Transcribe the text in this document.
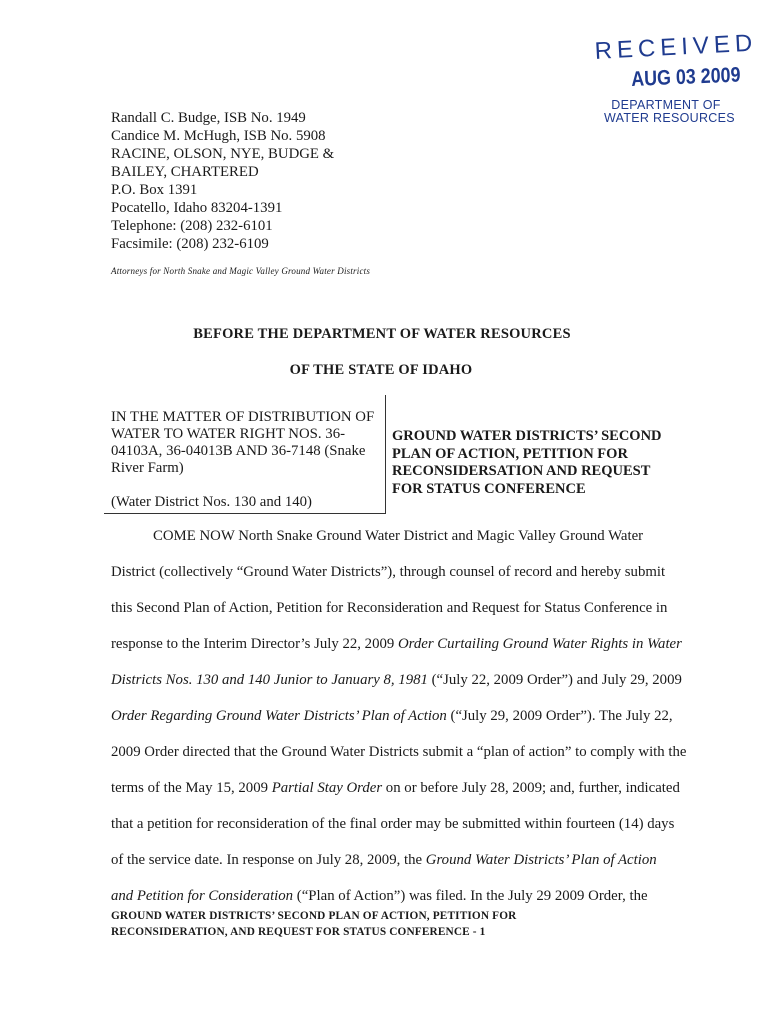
RECEIVED
AUG 03 2009
DEPARTMENT OF
WATER RESOURCES
Randall C. Budge, ISB No. 1949
Candice M. McHugh, ISB No. 5908
RACINE, OLSON, NYE, BUDGE &
BAILEY, CHARTERED
P.O. Box 1391
Pocatello, Idaho 83204-1391
Telephone: (208) 232-6101
Facsimile: (208) 232-6109
Attorneys for North Snake and Magic Valley Ground Water Districts
BEFORE THE DEPARTMENT OF WATER RESOURCES
OF THE STATE OF IDAHO
IN THE MATTER OF DISTRIBUTION OF
WATER TO WATER RIGHT NOS. 36-
04103A, 36-04013B AND 36-7148 (Snake
River Farm)
(Water District Nos. 130 and 140)
GROUND WATER DISTRICTS’ SECOND
PLAN OF ACTION, PETITION FOR
RECONSIDERSATION AND REQUEST
FOR STATUS CONFERENCE
COME NOW North Snake Ground Water District and Magic Valley Ground Water
District (collectively “Ground Water Districts”), through counsel of record and hereby submit
this Second Plan of Action, Petition for Reconsideration and Request for Status Conference in
response to the Interim Director’s July 22, 2009 Order Curtailing Ground Water Rights in Water
Districts Nos. 130 and 140 Junior to January 8, 1981 (“July 22, 2009 Order”) and July 29, 2009
Order Regarding Ground Water Districts’ Plan of Action (“July 29, 2009 Order”). The July 22,
2009 Order directed that the Ground Water Districts submit a “plan of action” to comply with the
terms of the May 15, 2009 Partial Stay Order on or before July 28, 2009; and, further, indicated
that a petition for reconsideration of the final order may be submitted within fourteen (14) days
of the service date. In response on July 28, 2009, the Ground Water Districts’ Plan of Action
and Petition for Consideration (“Plan of Action”) was filed. In the July 29 2009 Order, the
GROUND WATER DISTRICTS’ SECOND PLAN OF ACTION, PETITION FOR
RECONSIDERATION, AND REQUEST FOR STATUS CONFERENCE - 1
